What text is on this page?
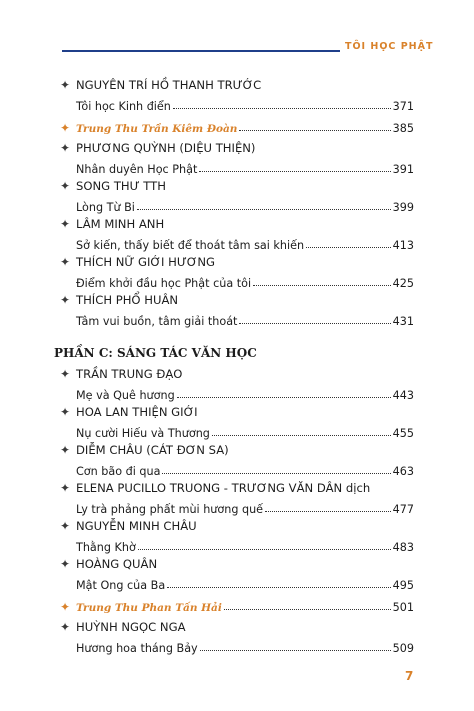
TÔI HỌC PHẬT
✦ NGUYÊN TRÍ HỒ THANH TRƯỚC
Tôi học Kinh điển	371
✦ Trung Thu Trần Kiêm Đoàn	385
✦ PHƯƠNG QUỲNH (DIỆU THIỆN)
Nhân duyên Học Phật	391
✦ SONG THƯ TTH
Lòng Từ Bi	399
✦ LÂM MINH ANH
Sở kiến, thấy biết để thoát tâm sai khiến	413
✦ THÍCH NỮ GIỚI HƯƠNG
Điểm khởi đầu học Phật của tôi	425
✦ THÍCH PHỔ HUÂN
Tâm vui buồn, tâm giải thoát	431
PHẦN C: SÁNG TÁC VĂN HỌC
✦ TRẦN TRUNG ĐẠO
Mẹ và Quê hương	443
✦ HOA LAN THIỆN GIỚI
Nụ cười Hiếu và Thương	455
✦ DIỄM CHÂU (CÁT ĐƠN SA)
Cơn bão đi qua	463
✦ ELENA PUCILLO TRUONG - TRƯƠNG VĂN DÂN dịch
Ly trà phảng phất mùi hương quế	477
✦ NGUYỄN MINH CHÂU
Thằng Khờ	483
✦ HOÀNG QUÂN
Mật Ong của Ba	495
✦ Trung Thu Phan Tấn Hải	501
✦ HUỲNH NGỌC NGA
Hương hoa tháng Bảy	509
7
